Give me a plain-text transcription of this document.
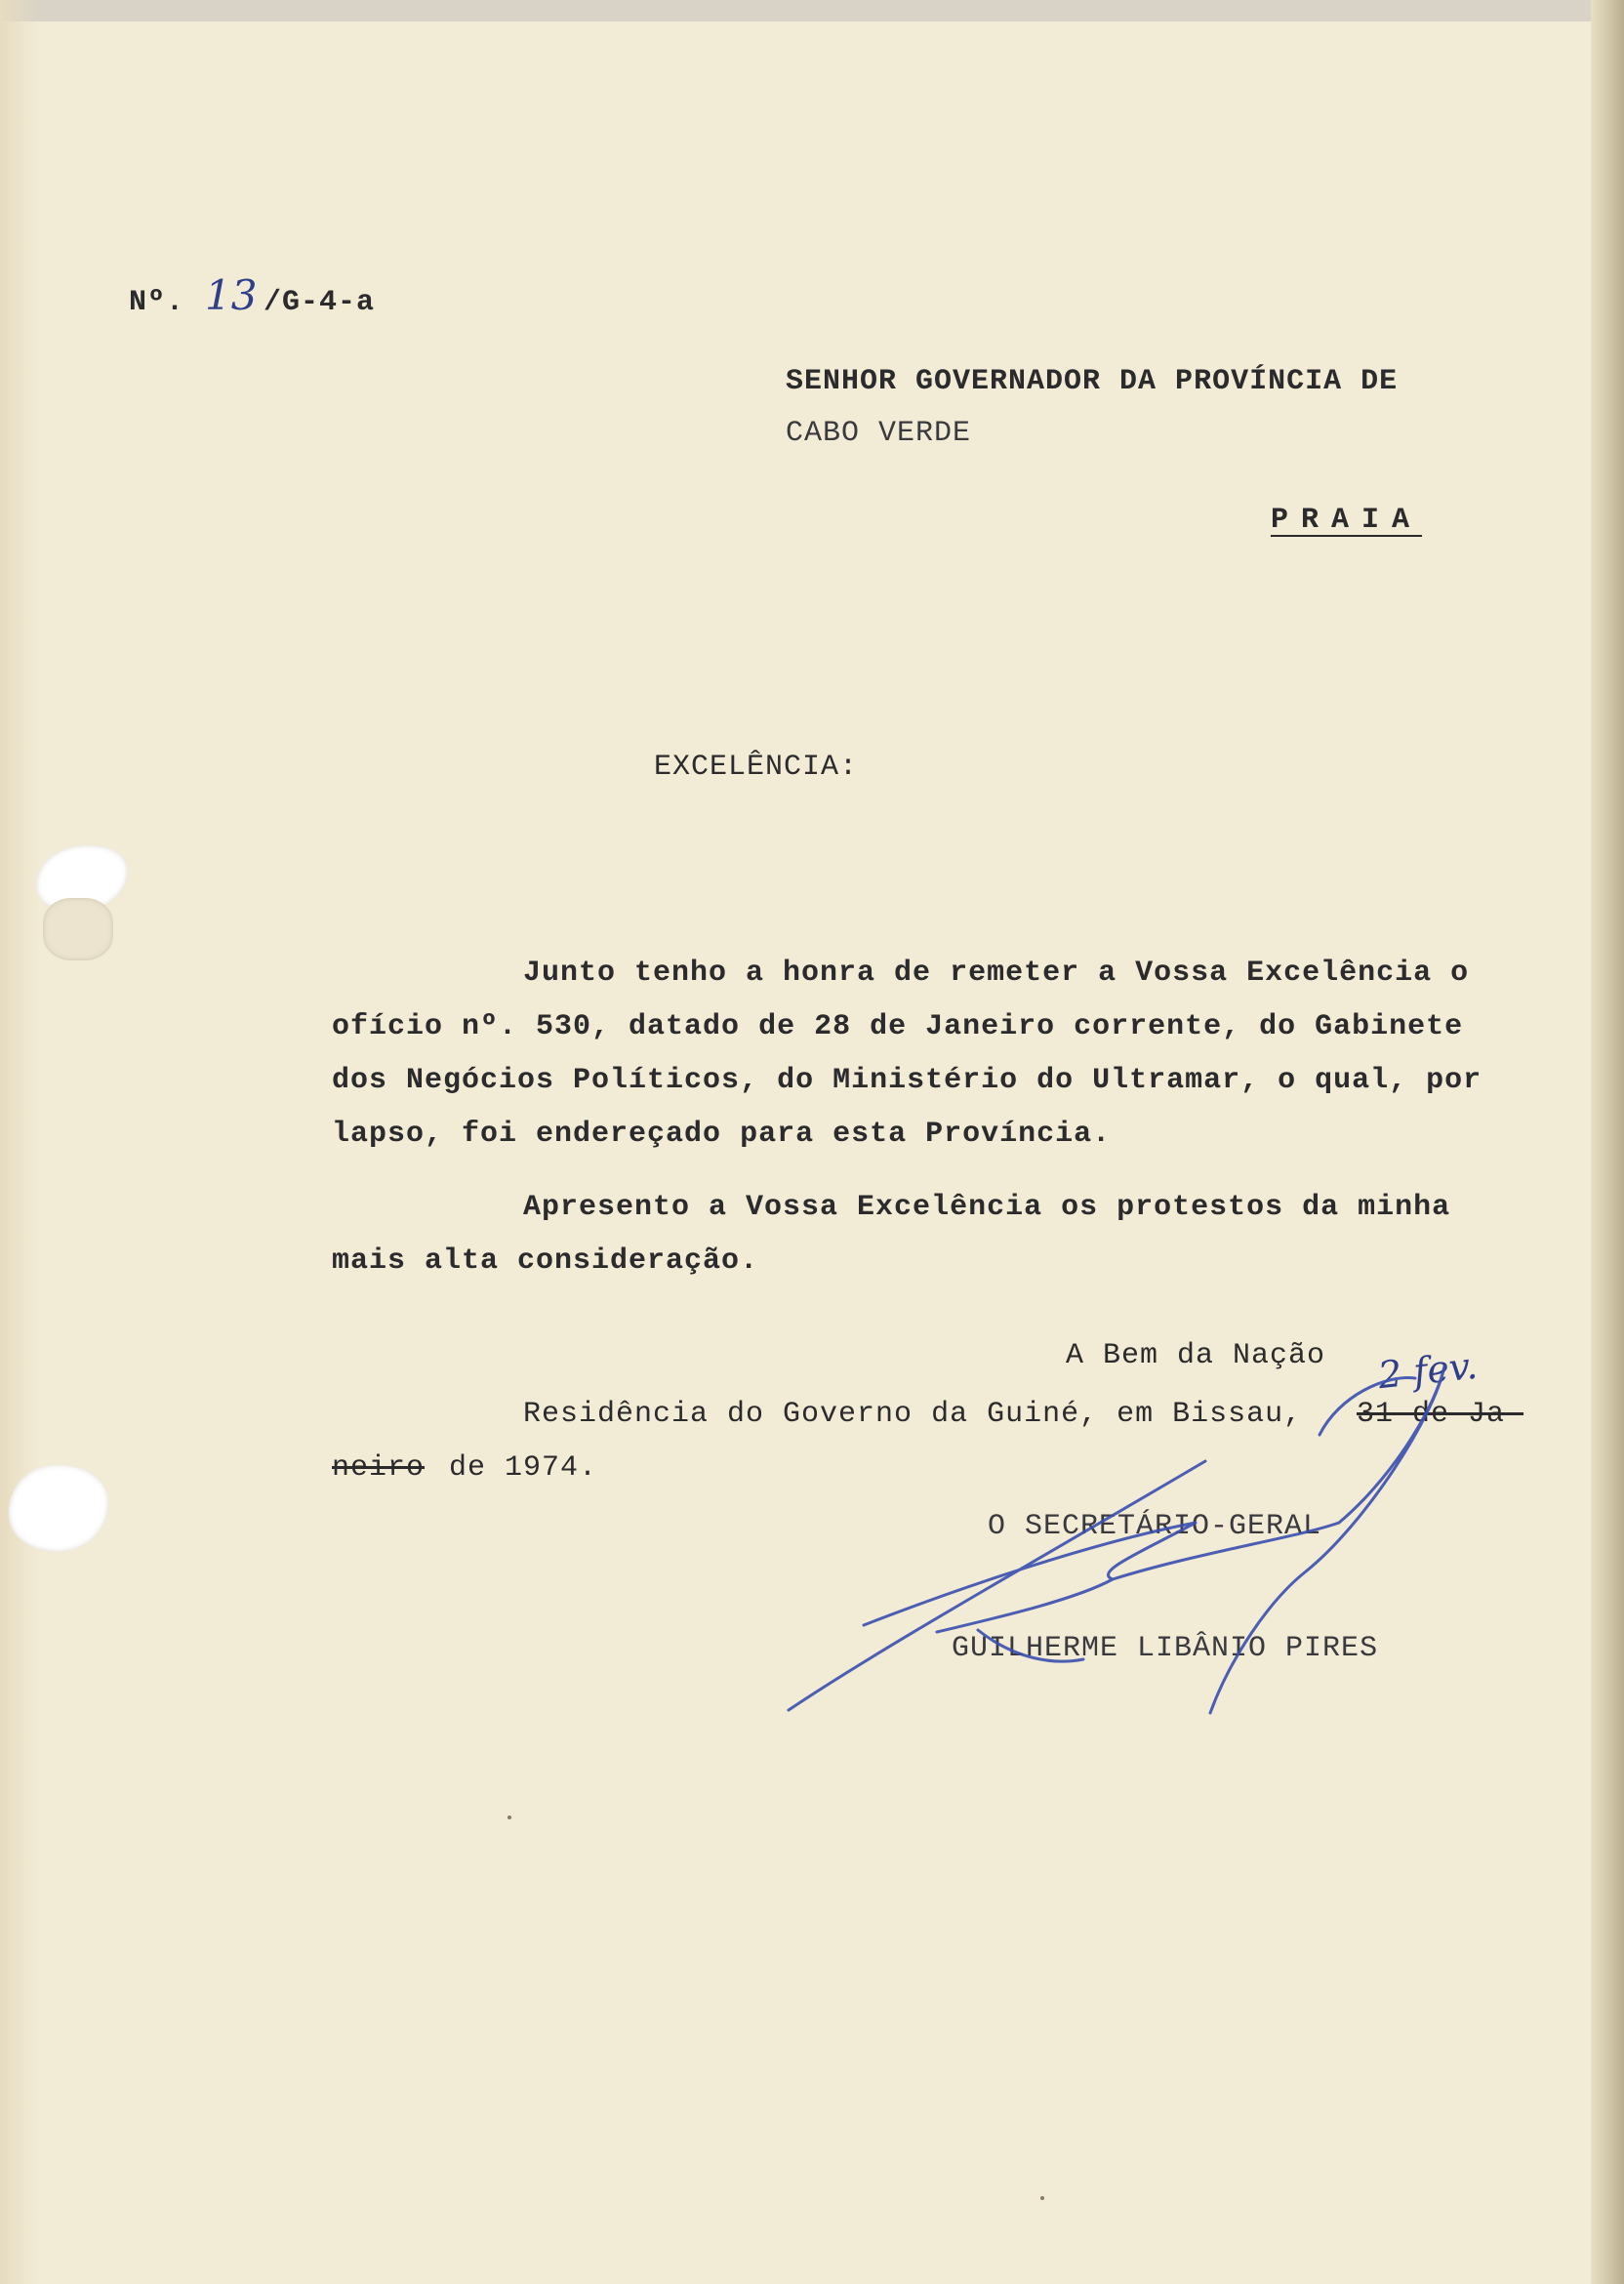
Nº. 13 /G-4-a
SENHOR GOVERNADOR DA PROVÍNCIA DE
CABO VERDE
PRAIA
EXCELÊNCIA:
Junto tenho a honra de remeter a Vossa Excelência o
ofício nº. 530, datado de 28 de Janeiro corrente, do Gabinete
dos Negócios Políticos, do Ministério do Ultramar, o qual, por
lapso, foi endereçado para esta Província.
Apresento a Vossa Excelência os protestos da minha
mais alta consideração.
A Bem da Nação
Residência do Governo da Guiné, em Bissau, 31 de Ja-
neiro de 1974.
2 fev.
O SECRETÁRIO-GERAL
GUILHERME LIBÂNIO PIRES
